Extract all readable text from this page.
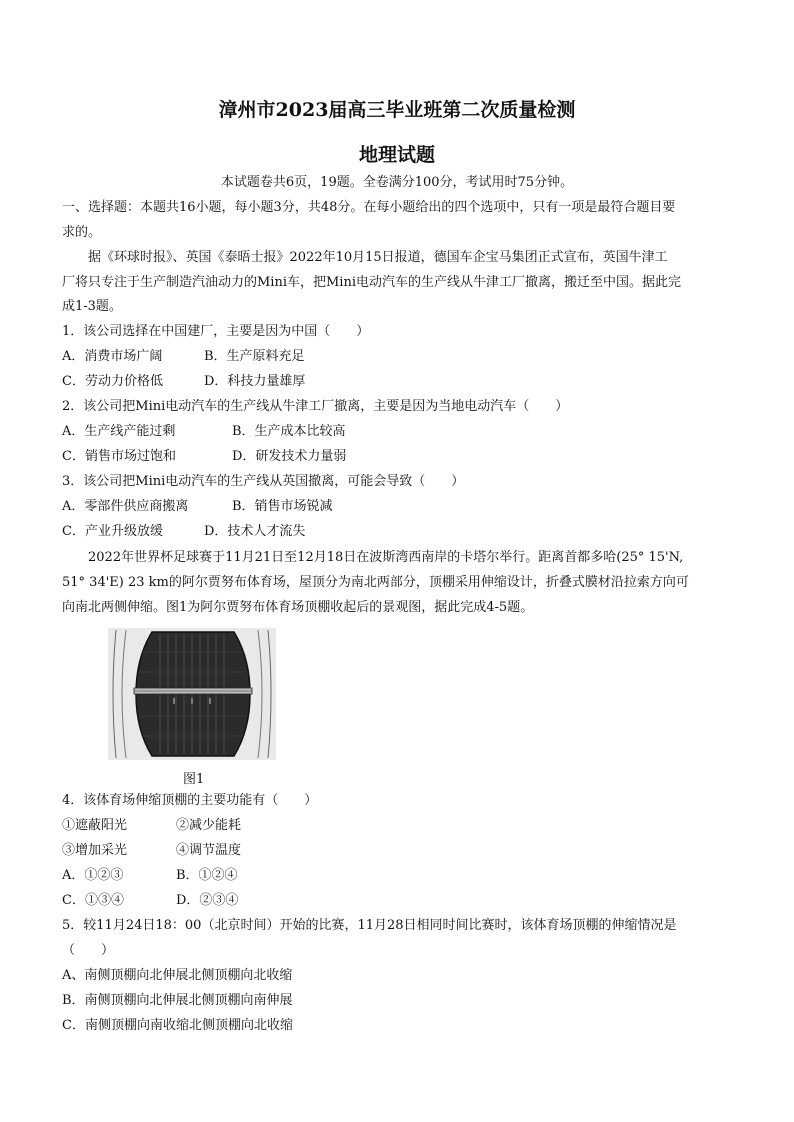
漳州市2023届高三毕业班第二次质量检测
地理试题
本试题卷共6页，19题。全卷满分100分，考试用时75分钟。
一、选择题：本题共16小题，每小题3分，共48分。在每小题给出的四个选项中，只有一项是最符合题目要
求的。
据《环球时报》、英国《泰晤士报》2022年10月15日报道，德国车企宝马集团正式宣布，英国牛津工
厂将只专注于生产制造汽油动力的Mini车，把Mini电动汽车的生产线从牛津工厂撤离，搬迁至中国。据此完
成1-3题。
1．该公司选择在中国建厂，主要是因为中国（　　）
A．消费市场广阔	B．生产原料充足
C．劳动力价格低	D．科技力量雄厚
2．该公司把Mini电动汽车的生产线从牛津工厂撤离，主要是因为当地电动汽车（　　）
A．生产线产能过剩	B．生产成本比较高
C．销售市场过饱和	D．研发技术力量弱
3．该公司把Mini电动汽车的生产线从英国撤离，可能会导致（　　）
A．零部件供应商搬离	B．销售市场锐减
C．产业升级放缓	D．技术人才流失
2022年世界杯足球赛于11月21日至12月18日在波斯湾西南岸的卡塔尔举行。距离首都多哈(25° 15'N,
51° 34'E) 23 km的阿尔贾努布体育场，屋顶分为南北两部分，顶棚采用伸缩设计，折叠式膜材沿拉索方向可
向南北两侧伸缩。图1为阿尔贾努布体育场顶棚收起后的景观图，据此完成4-5题。
图1
4．该体育场伸缩顶棚的主要功能有（　　）
①遮蔽阳光	②减少能耗
③增加采光	④调节温度
A．①②③	B．①②④
C．①③④	D．②③④
5．较11月24日18：00（北京时间）开始的比赛，11月28日相同时间比赛时，该体育场顶棚的伸缩情况是
（　　）
A、南侧顶棚向北伸展北侧顶棚向北收缩
B．南侧顶棚向北伸展北侧顶棚向南伸展
C．南侧顶棚向南收缩北侧顶棚向北收缩
